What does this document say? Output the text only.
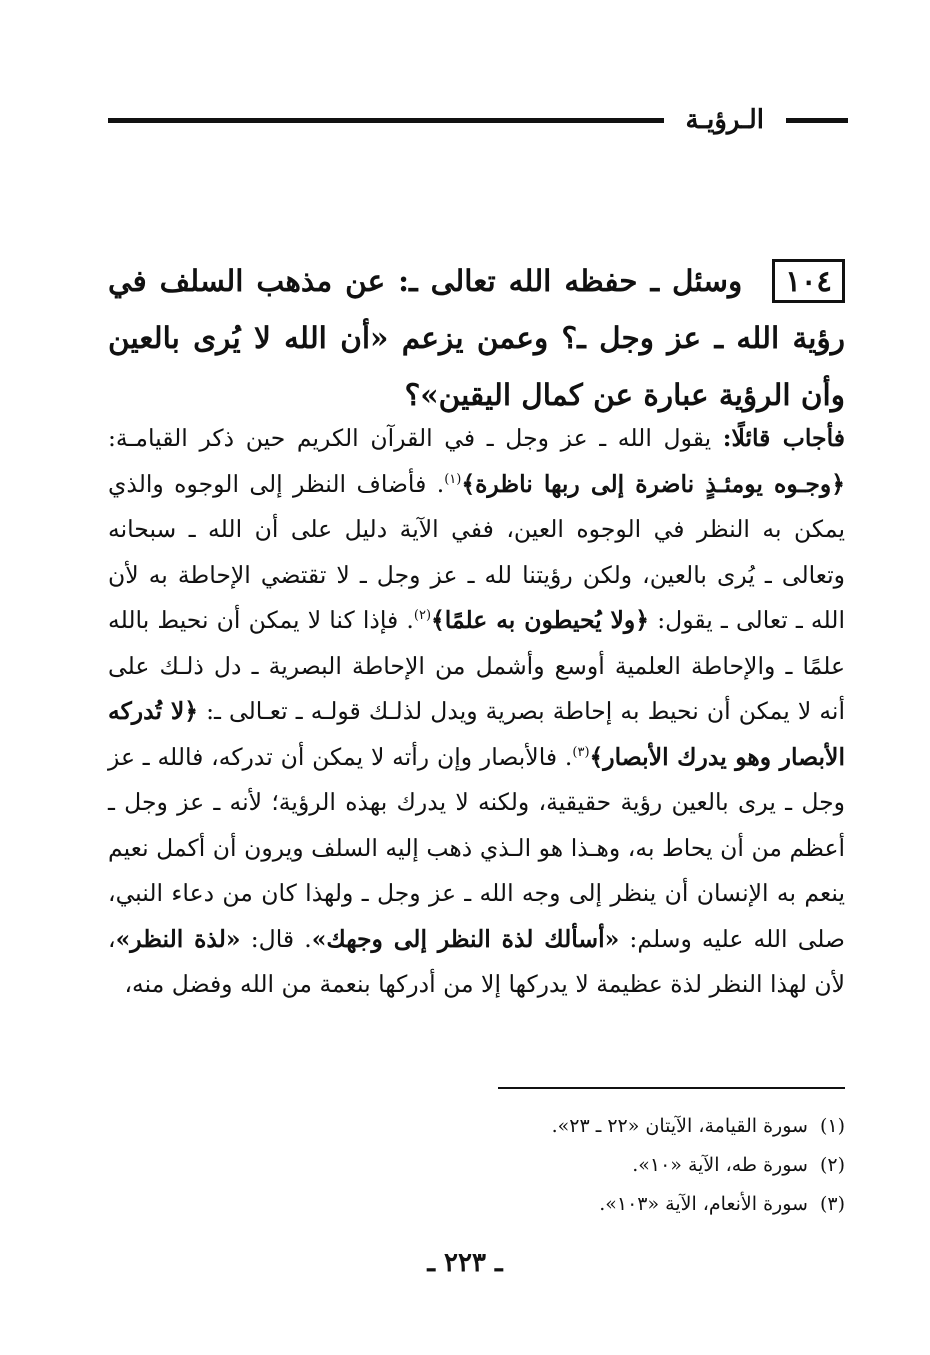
الـرؤيـة
١٠٤وسئل ـ حفظه الله تعالى ـ: عن مذهب السلف في رؤية الله ـ عز وجل ـ؟ وعمن يزعم «أن الله لا يُرى بالعين وأن الرؤية عبارة عن كمال اليقين»؟
فأجاب قائلًا: يقول الله ـ عز وجل ـ في القرآن الكريم حين ذكر القيامـة: ﴿وجـوه يومئـذٍ ناضرة إلى ربها ناظرة﴾$^{(١)}$. فأضاف النظر إلى الوجوه والذي يمكن به النظر في الوجوه العين، ففي الآية دليل على أن الله ـ سبحانه وتعالى ـ يُرى بالعين، ولكن رؤيتنا لله ـ عز وجل ـ لا تقتضي الإحاطة به لأن الله ـ تعالى ـ يقول: ﴿ولا يُحيطون به علمًا﴾$^{(٢)}$. فإذا كنا لا يمكن أن نحيط بالله علمًا ـ والإحاطة العلمية أوسع وأشمل من الإحاطة البصرية ـ دل ذلـك على أنه لا يمكن أن نحيط به إحاطة بصرية ويدل لذلـك قولـه ـ تعـالى ـ: ﴿لا تُدركه الأبصار وهو يدرك الأبصار﴾$^{(٣)}$. فالأبصار وإن رأته لا يمكن أن تدركه، فالله ـ عز وجل ـ يرى بالعين رؤية حقيقية، ولكنه لا يدرك بهذه الرؤية؛ لأنه ـ عز وجل ـ أعظم من أن يحاط به، وهـذا هو الـذي ذهب إليه السلف ويرون أن أكمل نعيم ينعم به الإنسان أن ينظر إلى وجه الله ـ عز وجل ـ ولهذا كان من دعاء النبي، صلى الله عليه وسلم: «أسألك لذة النظر إلى وجهك». قال: «لذة النظر»، لأن لهذا النظر لذة عظيمة لا يدركها إلا من أدركها بنعمة من الله وفضل منه،
(١)
سورة القيامة، الآيتان «٢٢ ـ ٢٣».
(٢)
سورة طه، الآية «١٠».
(٣)
سورة الأنعام، الآية «١٠٣».
ـ ٢٢٣ ـ
